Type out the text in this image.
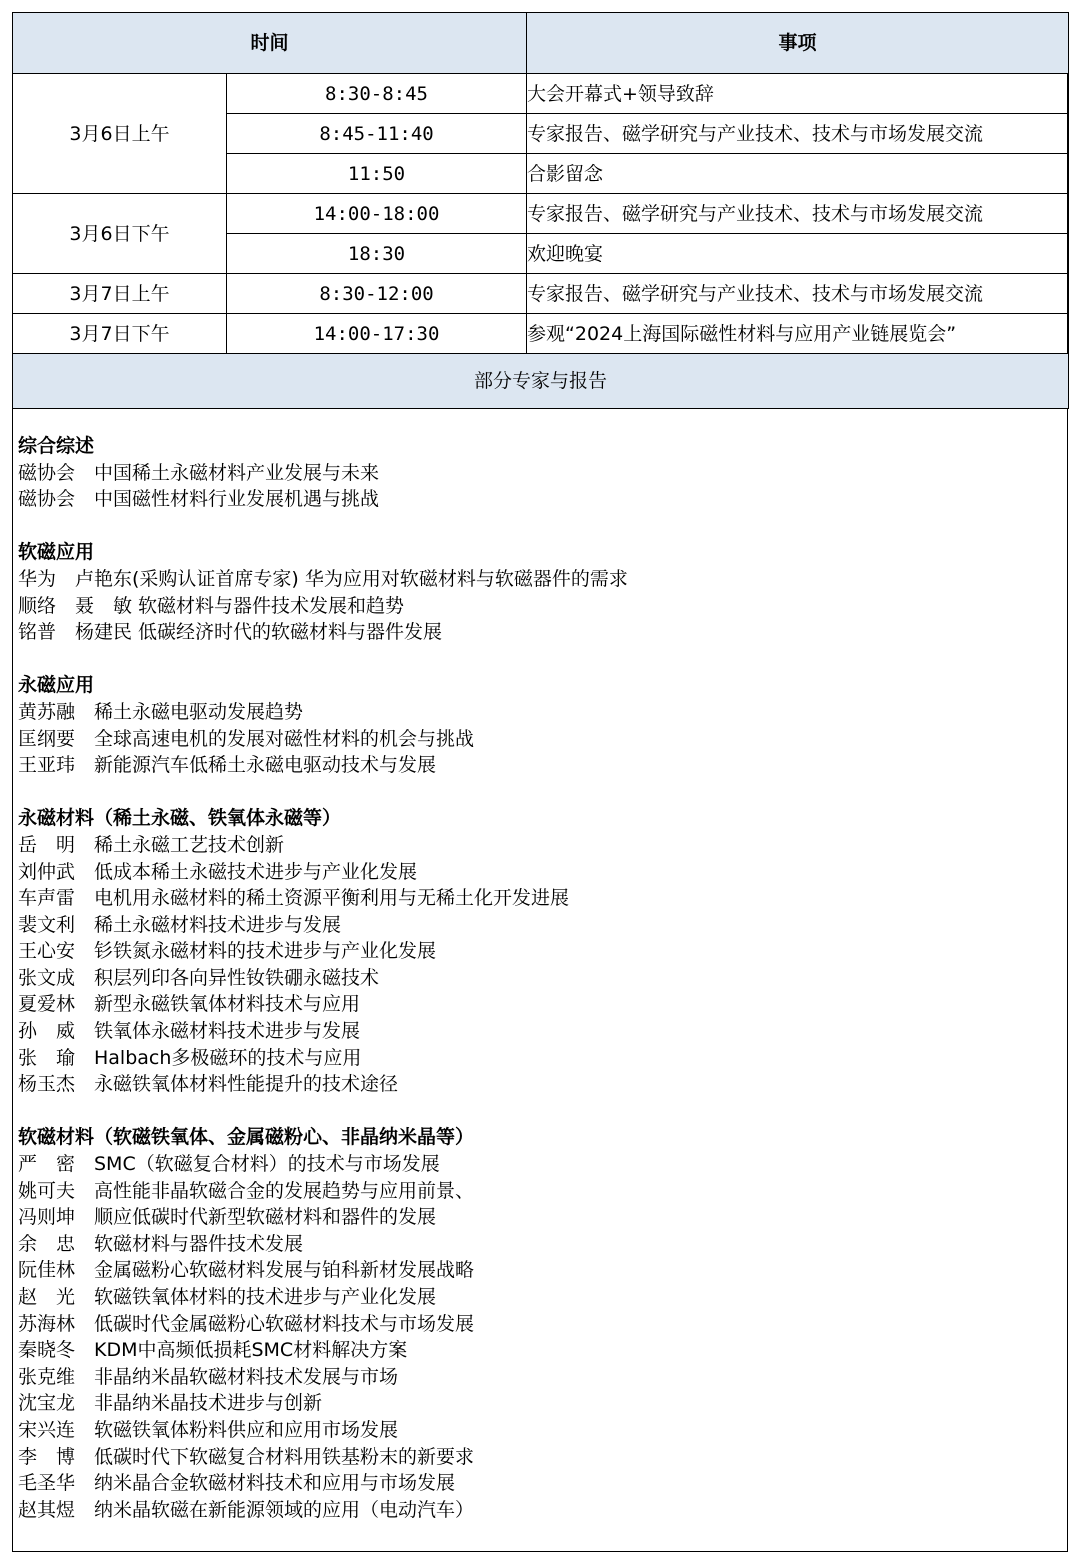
时间		事项
3月6日上午	8:30-8:45	大会开幕式+领导致辞
	8:45-11:40	专家报告、磁学研究与产业技术、技术与市场发展交流
	11:50	合影留念
3月6日下午	14:00-18:00	专家报告、磁学研究与产业技术、技术与市场发展交流
	18:30	欢迎晚宴
3月7日上午	8:30-12:00	专家报告、磁学研究与产业技术、技术与市场发展交流
3月7日下午	14:00-17:30	参观“2024上海国际磁性材料与应用产业链展览会”
部分专家与报告		
综合综述
磁协会　中国稀土永磁材料产业发展与未来
磁协会　中国磁性材料行业发展机遇与挑战
软磁应用
华为　卢艳东(采购认证首席专家) 华为应用对软磁材料与软磁器件的需求
顺络　聂　敏 软磁材料与器件技术发展和趋势
铭普　杨建民 低碳经济时代的软磁材料与器件发展
永磁应用
黄苏融　稀土永磁电驱动发展趋势
匡纲要　全球高速电机的发展对磁性材料的机会与挑战
王亚玮　新能源汽车低稀土永磁电驱动技术与发展
永磁材料（稀土永磁、铁氧体永磁等）
岳　明　稀土永磁工艺技术创新
刘仲武　低成本稀土永磁技术进步与产业化发展
车声雷　电机用永磁材料的稀土资源平衡利用与无稀土化开发进展
裴文利　稀土永磁材料技术进步与发展
王心安　钐铁氮永磁材料的技术进步与产业化发展
张文成　积层列印各向异性钕铁硼永磁技术
夏爱林　新型永磁铁氧体材料技术与应用
孙　威　铁氧体永磁材料技术进步与发展
张　瑜　Halbach多极磁环的技术与应用
杨玉杰　永磁铁氧体材料性能提升的技术途径
软磁材料（软磁铁氧体、金属磁粉心、非晶纳米晶等）
严　密　SMC（软磁复合材料）的技术与市场发展
姚可夫　高性能非晶软磁合金的发展趋势与应用前景、
冯则坤　顺应低碳时代新型软磁材料和器件的发展
余　忠　软磁材料与器件技术发展
阮佳林　金属磁粉心软磁材料发展与铂科新材发展战略
赵　光　软磁铁氧体材料的技术进步与产业化发展
苏海林　低碳时代金属磁粉心软磁材料技术与市场发展
秦晓冬　KDM中高频低损耗SMC材料解决方案
张克维　非晶纳米晶软磁材料技术发展与市场
沈宝龙　非晶纳米晶技术进步与创新
宋兴连　软磁铁氧体粉料供应和应用市场发展
李　博　低碳时代下软磁复合材料用铁基粉末的新要求
毛圣华　纳米晶合金软磁材料技术和应用与市场发展
赵其煜　纳米晶软磁在新能源领域的应用（电动汽车）
